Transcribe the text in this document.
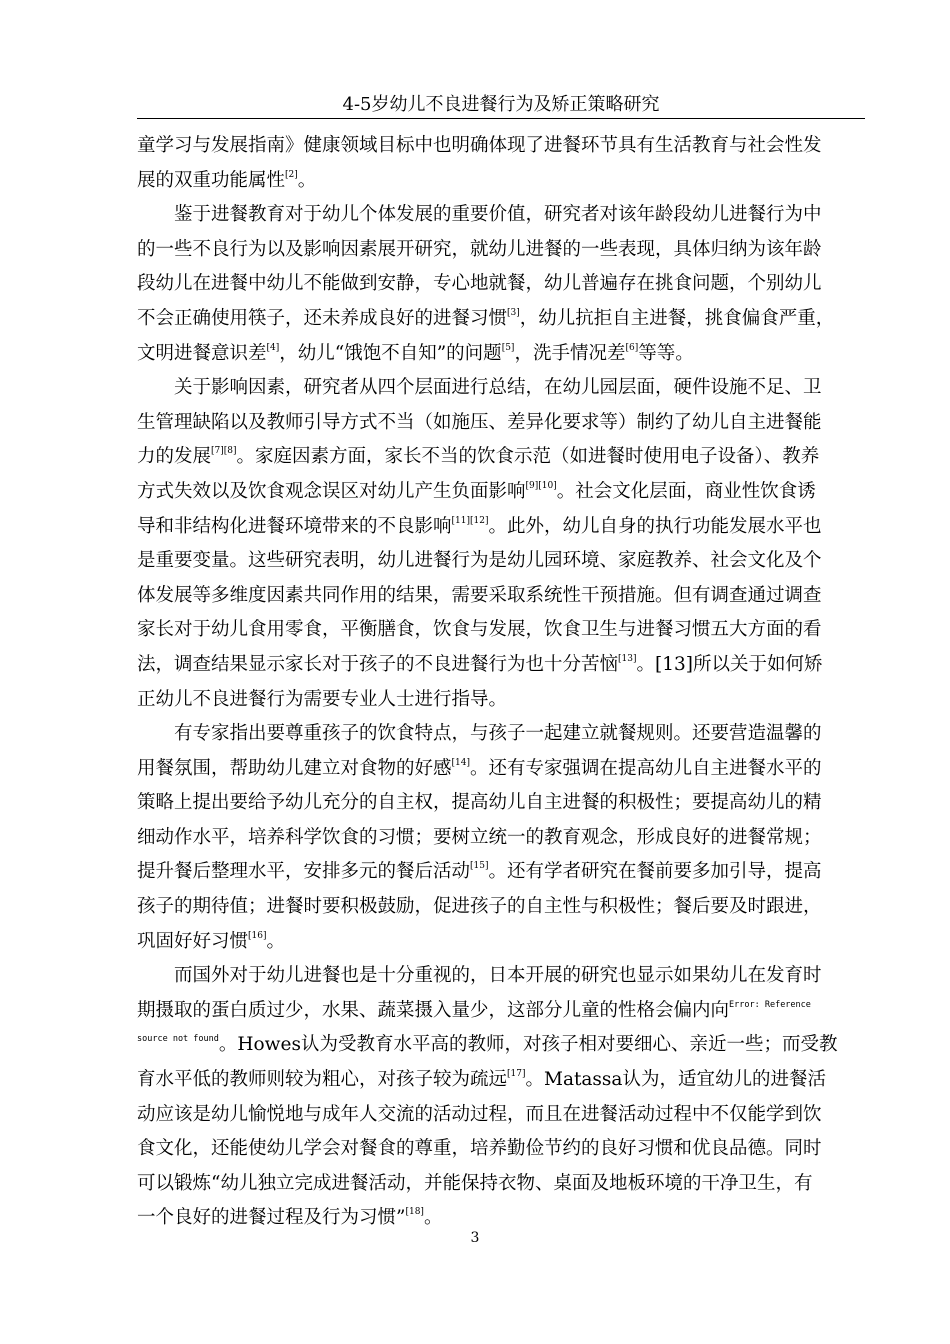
4-5岁幼儿不良进餐行为及矫正策略研究

童学习与发展指南》健康领域目标中也明确体现了进餐环节具有生活教育与社会性发
展的双重功能属性[2]。

鉴于进餐教育对于幼儿个体发展的重要价值，研究者对该年龄段幼儿进餐行为中
的一些不良行为以及影响因素展开研究，就幼儿进餐的一些表现，具体归纳为该年龄
段幼儿在进餐中幼儿不能做到安静，专心地就餐，幼儿普遍存在挑食问题，个别幼儿
不会正确使用筷子，还未养成良好的进餐习惯[3]，幼儿抗拒自主进餐，挑食偏食严重，
文明进餐意识差[4]，幼儿“饿饱不自知”的问题[5]，洗手情况差[6]等等。

关于影响因素，研究者从四个层面进行总结，在幼儿园层面，硬件设施不足、卫
生管理缺陷以及教师引导方式不当（如施压、差异化要求等）制约了幼儿自主进餐能
力的发展[7][8]。家庭因素方面，家长不当的饮食示范（如进餐时使用电子设备）、教养
方式失效以及饮食观念误区对幼儿产生负面影响[9][10]。社会文化层面，商业性饮食诱
导和非结构化进餐环境带来的不良影响[11][12]。此外，幼儿自身的执行功能发展水平也
是重要变量。这些研究表明，幼儿进餐行为是幼儿园环境、家庭教养、社会文化及个
体发展等多维度因素共同作用的结果，需要采取系统性干预措施。但有调查通过调查
家长对于幼儿食用零食，平衡膳食，饮食与发展，饮食卫生与进餐习惯五大方面的看
法，调查结果显示家长对于孩子的不良进餐行为也十分苦恼[13]。[13]所以关于如何矫
正幼儿不良进餐行为需要专业人士进行指导。

有专家指出要尊重孩子的饮食特点，与孩子一起建立就餐规则。还要营造温馨的
用餐氛围，帮助幼儿建立对食物的好感[14]。还有专家强调在提高幼儿自主进餐水平的
策略上提出要给予幼儿充分的自主权，提高幼儿自主进餐的积极性；要提高幼儿的精
细动作水平，培养科学饮食的习惯；要树立统一的教育观念，形成良好的进餐常规；
提升餐后整理水平，安排多元的餐后活动[15]。还有学者研究在餐前要多加引导，提高
孩子的期待值；进餐时要积极鼓励，促进孩子的自主性与积极性；餐后要及时跟进，
巩固好好习惯[16]。

而国外对于幼儿进餐也是十分重视的，日本开展的研究也显示如果幼儿在发育时
期摄取的蛋白质过少，水果、蔬菜摄入量少，这部分儿童的性格会偏内向$^{Error: Reference}$
$^{source not found}$。Howes认为受教育水平高的教师，对孩子相对要细心、亲近一些；而受教
育水平低的教师则较为粗心，对孩子较为疏远[17]。Matassa认为，适宜幼儿的进餐活
动应该是幼儿愉悦地与成年人交流的活动过程，而且在进餐活动过程中不仅能学到饮
食文化，还能使幼儿学会对餐食的尊重，培养勤俭节约的良好习惯和优良品德。同时
可以锻炼“幼儿独立完成进餐活动，并能保持衣物、桌面及地板环境的干净卫生，有
一个良好的进餐过程及行为习惯”[18]。

3
